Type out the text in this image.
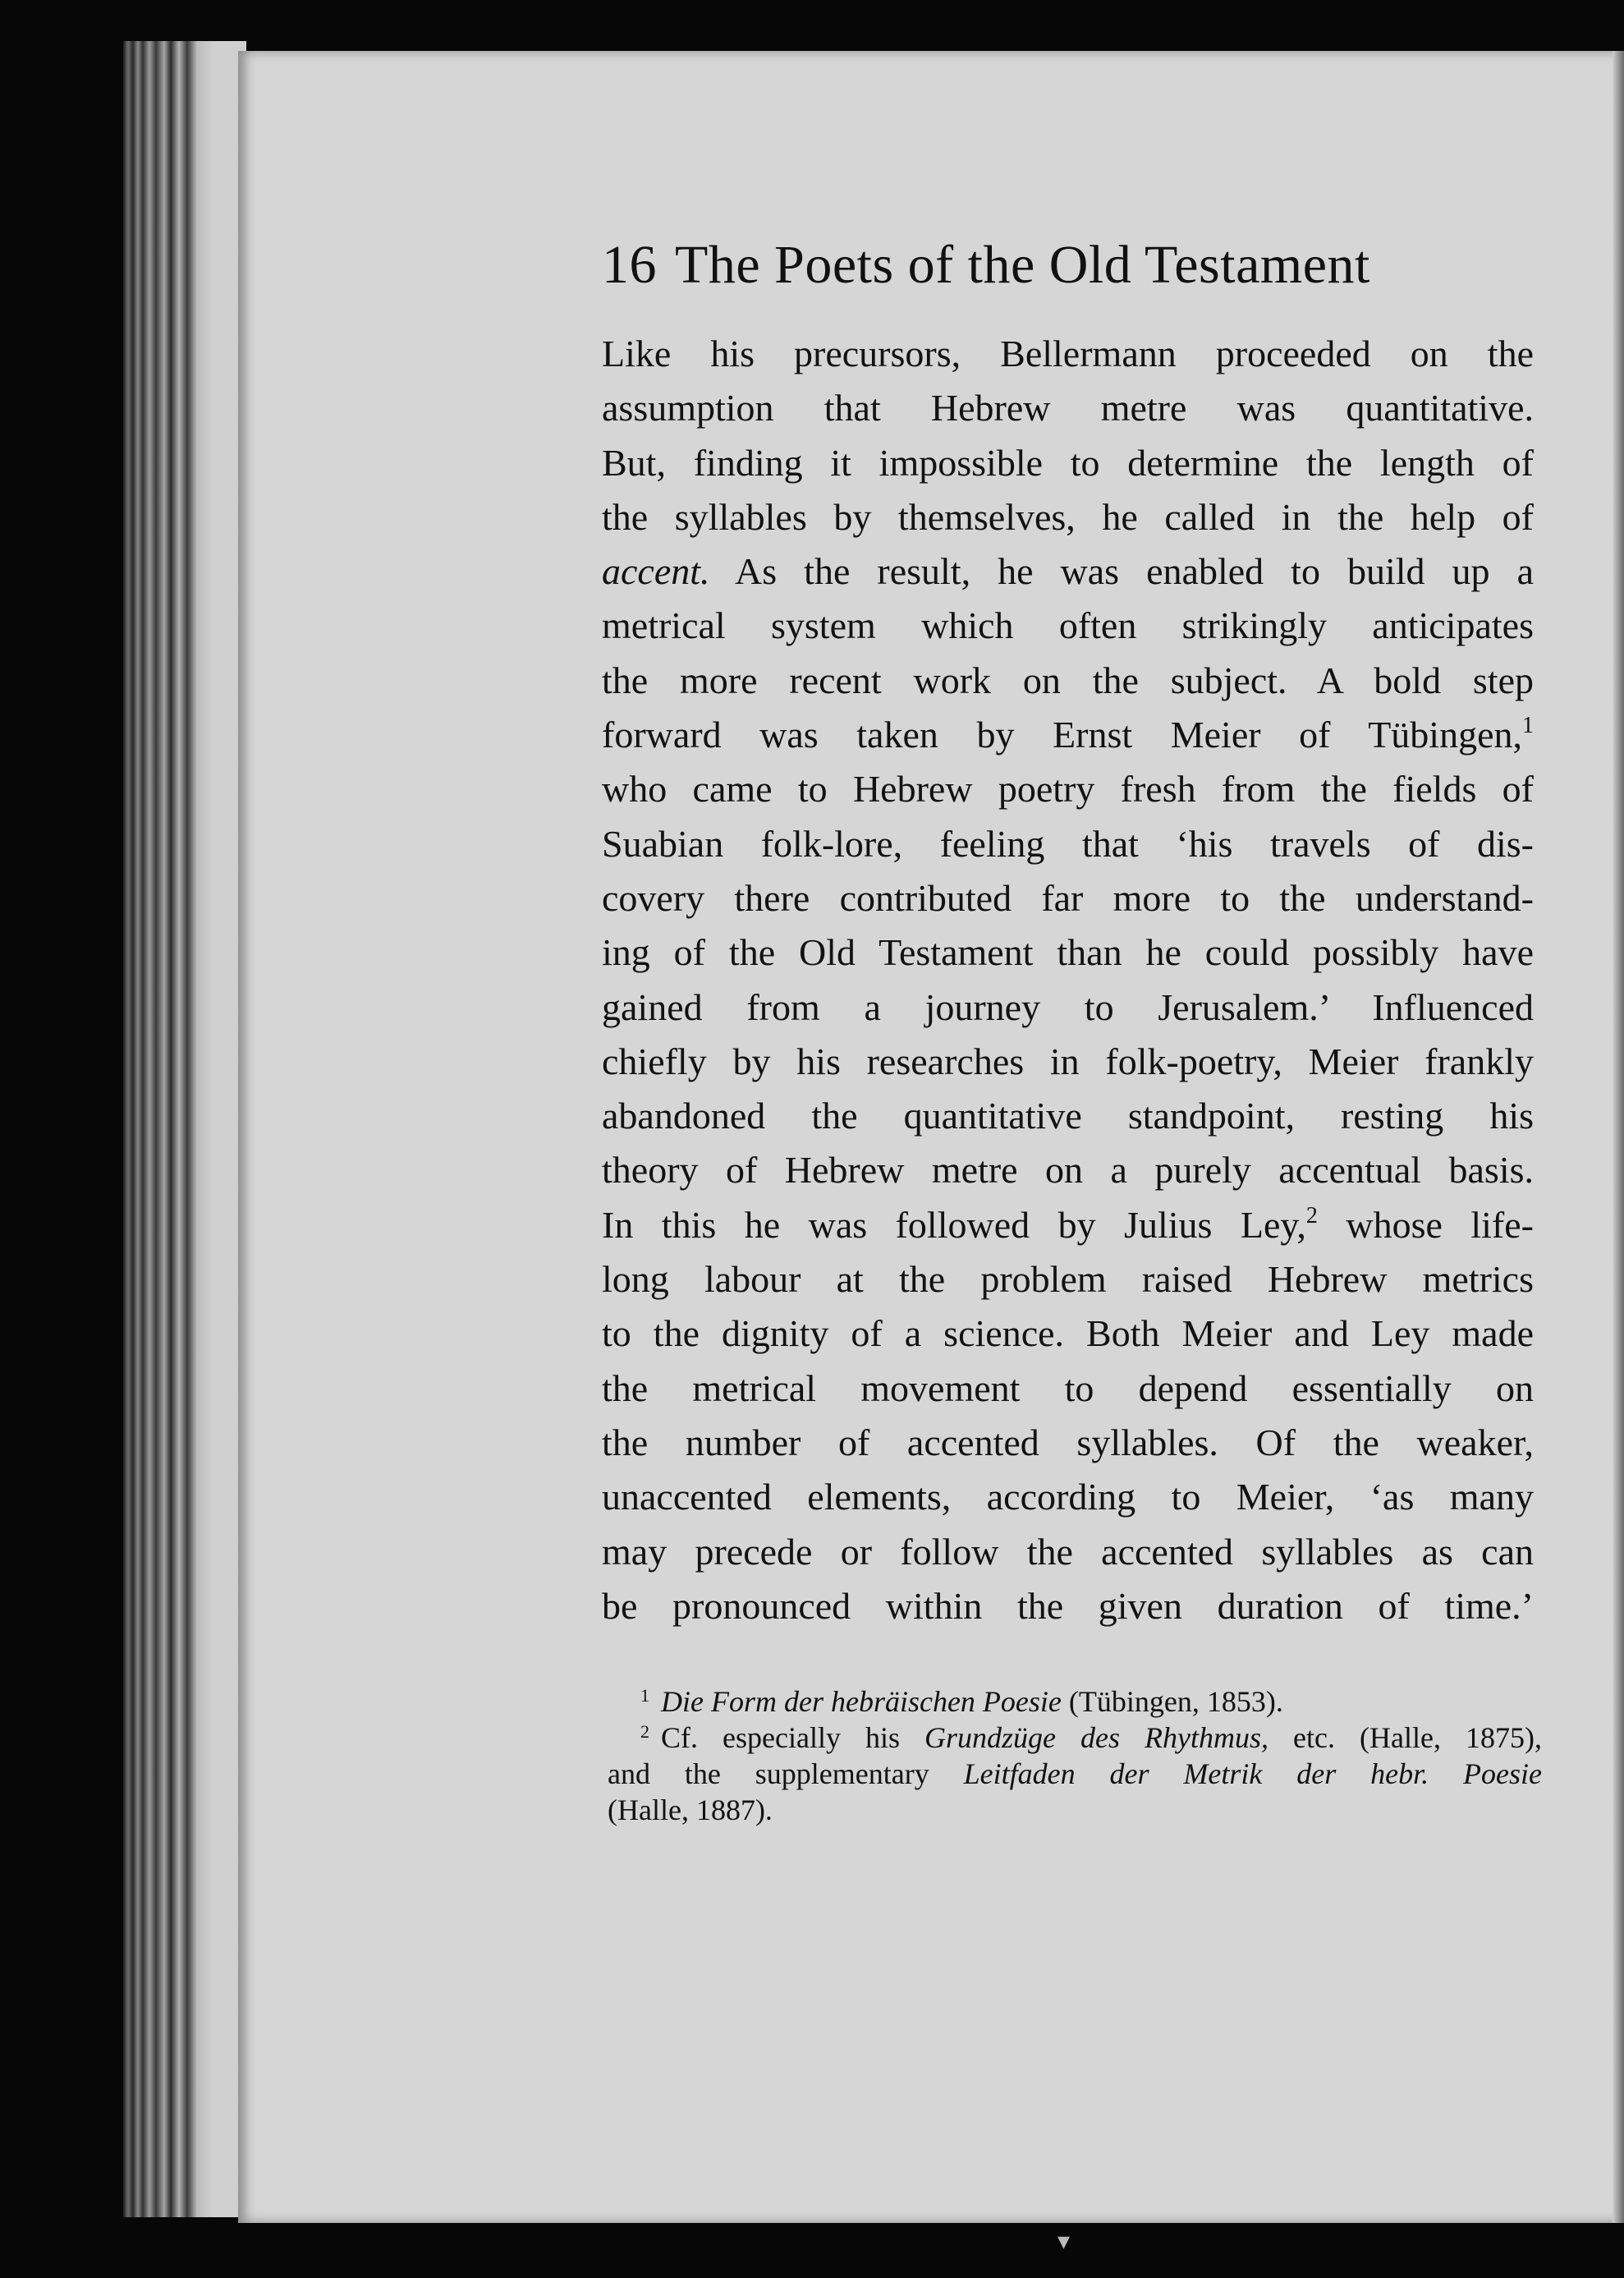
16 The Poets of the Old Testament
Like his precursors, Bellermann proceeded on the
assumption that Hebrew metre was quantitative.
But, finding it impossible to determine the length of
the syllables by themselves, he called in the help of
accent. As the result, he was enabled to build up a
metrical system which often strikingly anticipates
the more recent work on the subject. A bold step
forward was taken by Ernst Meier of Tübingen,$^1$
who came to Hebrew poetry fresh from the fields of
Suabian folk-lore, feeling that ‘his travels of dis-
covery there contributed far more to the understand-
ing of the Old Testament than he could possibly have
gained from a journey to Jerusalem.’ Influenced
chiefly by his researches in folk-poetry, Meier frankly
abandoned the quantitative standpoint, resting his
theory of Hebrew metre on a purely accentual basis.
In this he was followed by Julius Ley,$^2$ whose life-
long labour at the problem raised Hebrew metrics
to the dignity of a science. Both Meier and Ley made
the metrical movement to depend essentially on
the number of accented syllables. Of the weaker,
unaccented elements, according to Meier, ‘as many
may precede or follow the accented syllables as can
be pronounced within the given duration of time.’
$^1$ Die Form der hebräischen Poesie (Tübingen, 1853).
$^2$ Cf. especially his Grundzüge des Rhythmus, etc. (Halle, 1875),
and the supplementary Leitfaden der Metrik der hebr. Poesie
(Halle, 1887).
▾
